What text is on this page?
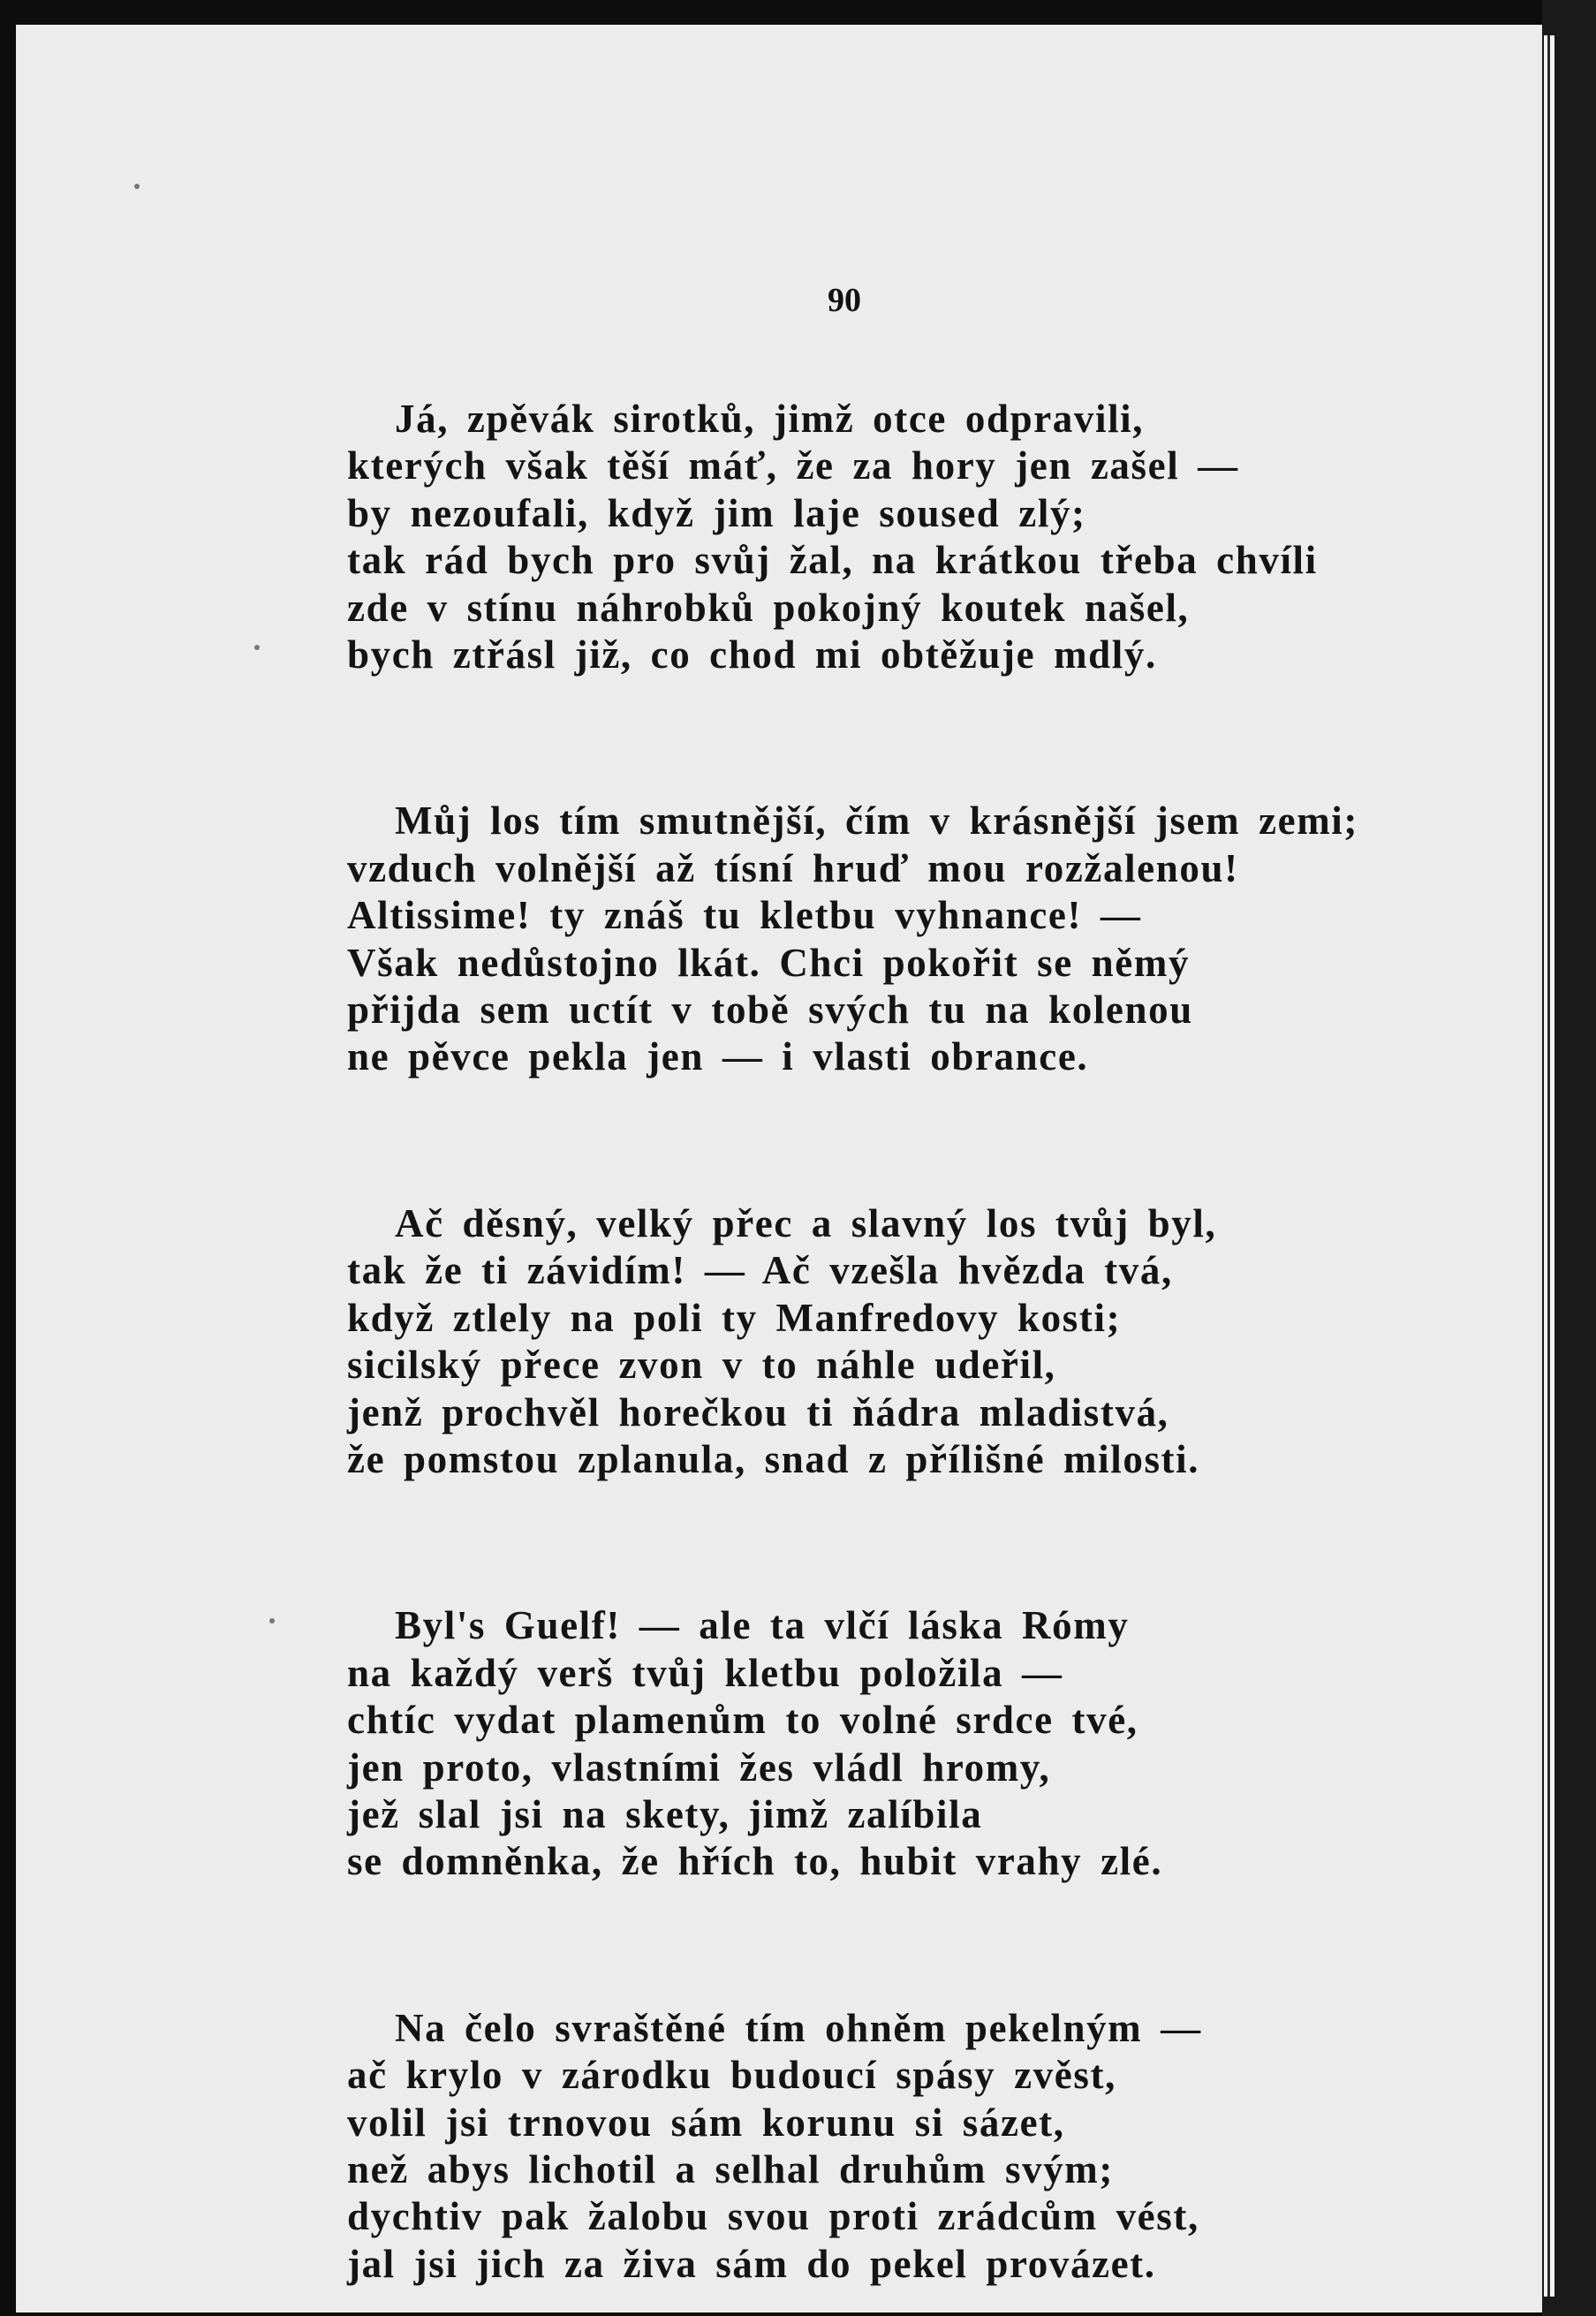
90
Já, zpěvák sirotků, jimž otce odpravili,
kterých však těší máť, že za hory jen zašel —
by nezoufali, když jim laje soused zlý;
tak rád bych pro svůj žal, na krátkou třeba chvíli
zde v stínu náhrobků pokojný koutek našel,
bych ztřásl již, co chod mi obtěžuje mdlý.
Můj los tím smutnější, čím v krásnější jsem zemi;
vzduch volnější až tísní hruď mou rozžalenou!
Altissime! ty znáš tu kletbu vyhnance! —
Však nedůstojno lkát. Chci pokořit se němý
přijda sem uctít v tobě svých tu na kolenou
ne pěvce pekla jen — i vlasti obrance.
Ač děsný, velký přec a slavný los tvůj byl,
tak že ti závidím! — Ač vzešla hvězda tvá,
když ztlely na poli ty Manfredovy kosti;
sicilský přece zvon v to náhle udeřil,
jenž prochvěl horečkou ti ňádra mladistvá,
že pomstou zplanula, snad z přílišné milosti.
Byl's Guelf! — ale ta vlčí láska Rómy
na každý verš tvůj kletbu položila —
chtíc vydat plamenům to volné srdce tvé,
jen proto, vlastními žes vládl hromy,
jež slal jsi na skety, jimž zalíbila
se domněnka, že hřích to, hubit vrahy zlé.
Na čelo svraštěné tím ohněm pekelným —
ač krylo v zárodku budoucí spásy zvěst,
volil jsi trnovou sám korunu si sázet,
než abys lichotil a selhal druhům svým;
dychtiv pak žalobu svou proti zrádcům vést,
jal jsi jich za živa sám do pekel provázet.
